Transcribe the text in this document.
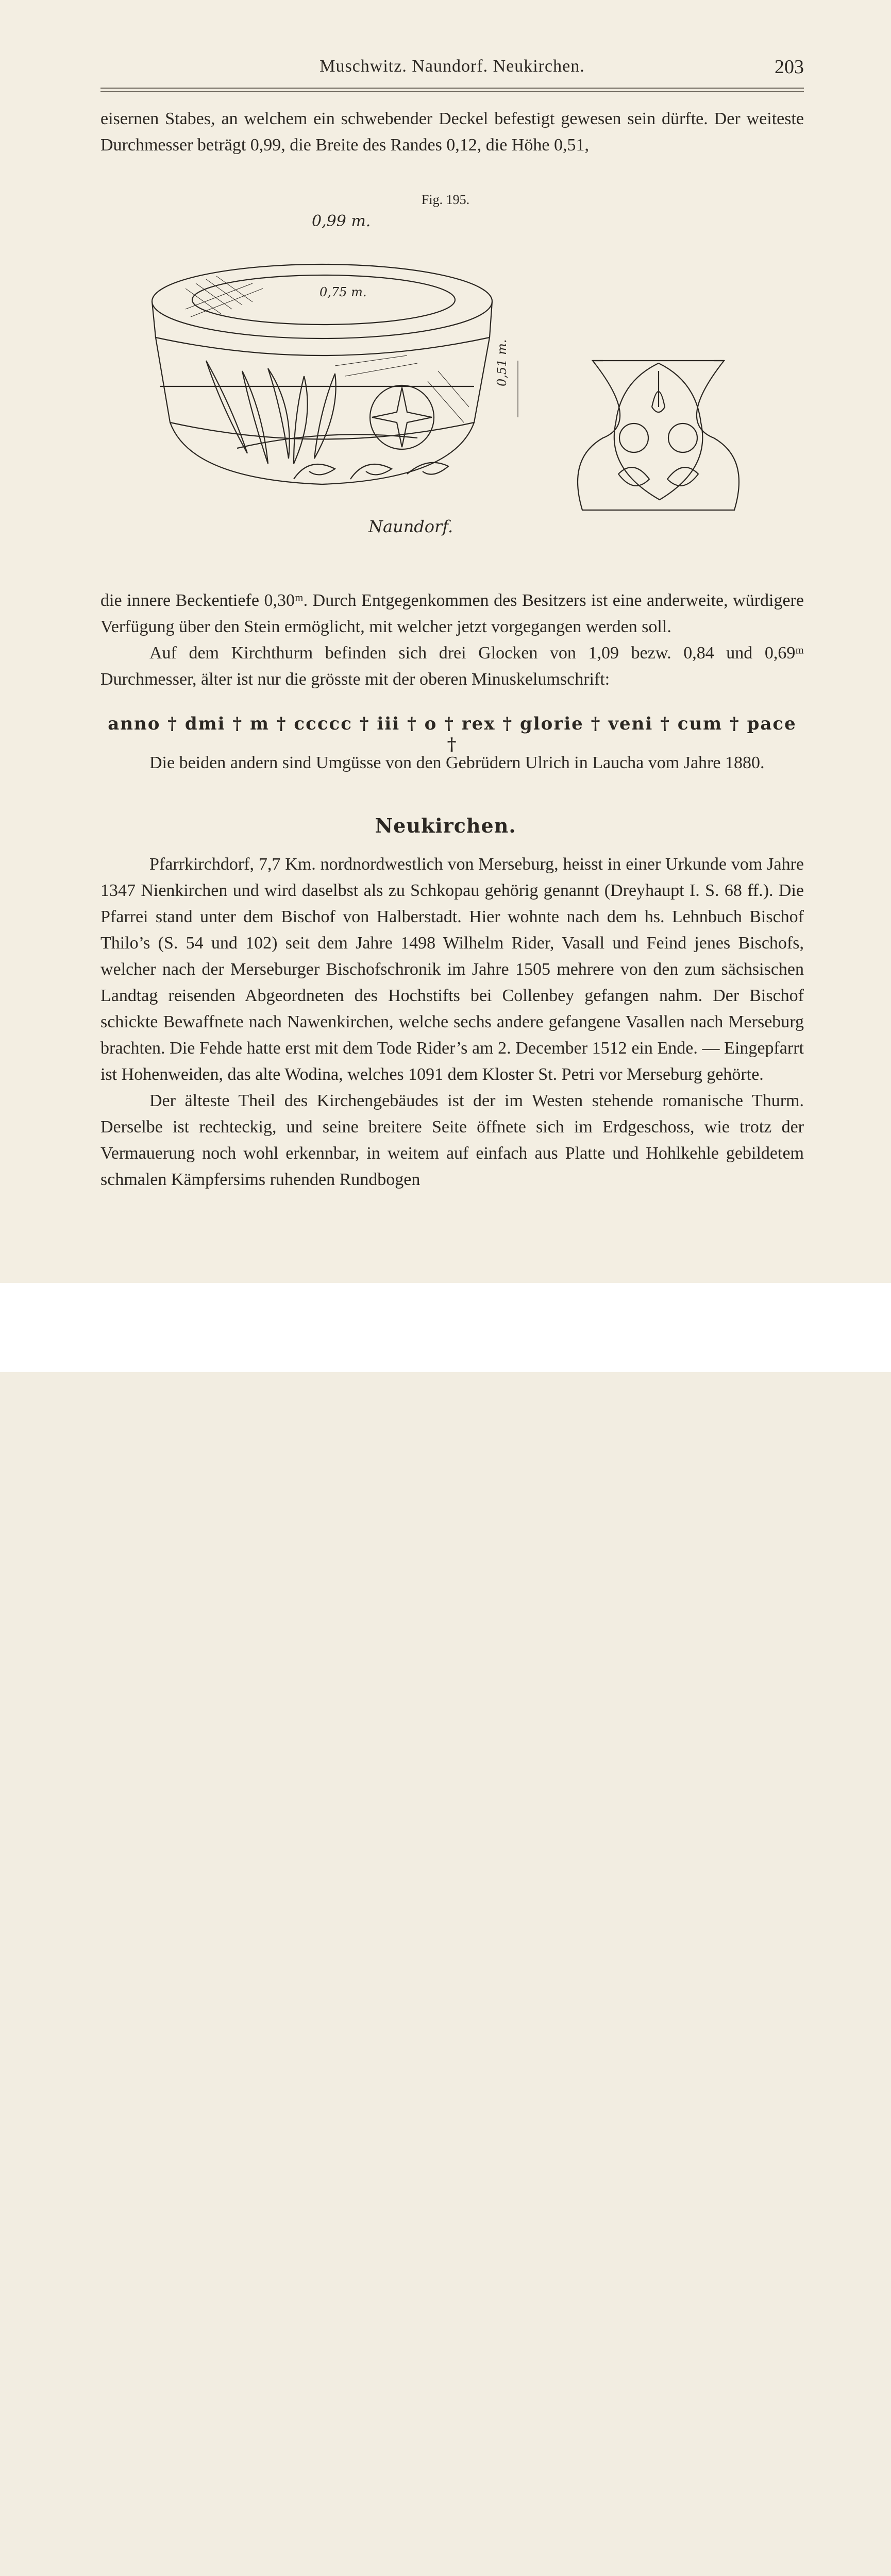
Muschwitz. Naundorf. Neukirchen.	203

eisernen Stabes, an welchem ein schwebender Deckel befestigt gewesen sein dürfte. Der weiteste Durchmesser beträgt 0,99, die Breite des Randes 0,12, die Höhe 0,51,

Fig. 195.
0,99 m.
0,75 m.
0,51 m.
Naundorf.

die innere Beckentiefe 0,30ᵐ. Durch Entgegenkommen des Besitzers ist eine anderweite, würdigere Verfügung über den Stein ermöglicht, mit welcher jetzt vorgegangen werden soll.

Auf dem Kirchthurm befinden sich drei Glocken von 1,09 bezw. 0,84 und 0,69ᵐ Durchmesser, älter ist nur die grösste mit der oberen Minuskelumschrift:

anno † dmi † m † ccccc † iii † o † rex † glorie † veni † cum † pace †

Die beiden andern sind Umgüsse von den Gebrüdern Ulrich in Laucha vom Jahre 1880.

Neukirchen.

Pfarrkirchdorf, 7,7 Km. nordnordwestlich von Merseburg, heisst in einer Urkunde vom Jahre 1347 Nienkirchen und wird daselbst als zu Schkopau gehörig genannt (Dreyhaupt I. S. 68 ff.). Die Pfarrei stand unter dem Bischof von Halberstadt. Hier wohnte nach dem hs. Lehnbuch Bischof Thilo’s (S. 54 und 102) seit dem Jahre 1498 Wilhelm Rider, Vasall und Feind jenes Bischofs, welcher nach der Merseburger Bischofschronik im Jahre 1505 mehrere von den zum sächsischen Landtag reisenden Abgeordneten des Hochstifts bei Collenbey gefangen nahm. Der Bischof schickte Bewaffnete nach Nawenkirchen, welche sechs andere gefangene Vasallen nach Merseburg brachten. Die Fehde hatte erst mit dem Tode Rider’s am 2. December 1512 ein Ende. — Eingepfarrt ist Hohenweiden, das alte Wodina, welches 1091 dem Kloster St. Petri vor Merseburg gehörte.

Der älteste Theil des Kirchengebäudes ist der im Westen stehende romanische Thurm. Derselbe ist rechteckig, und seine breitere Seite öffnete sich im Erdgeschoss, wie trotz der Vermauerung noch wohl erkennbar, in weitem auf einfach aus Platte und Hohlkehle gebildetem schmalen Kämpfersims ruhenden Rundbogen
